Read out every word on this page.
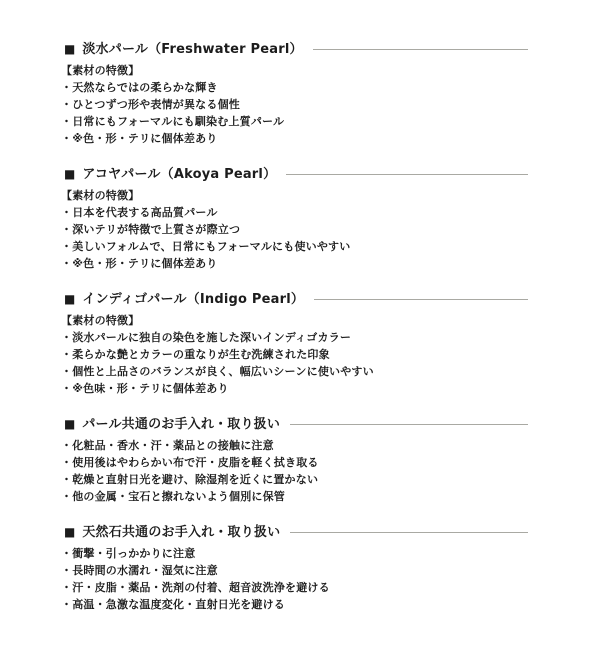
■ 淡水パール（Freshwater Pearl）

【素材の特徴】

・天然ならではの柔らかな輝き

・ひとつずつ形や表情が異なる個性

・日常にもフォーマルにも馴染む上質パール

・※色・形・テリに個体差あり

■ アコヤパール（Akoya Pearl）

【素材の特徴】

・日本を代表する高品質パール

・深いテリが特徴で上質さが際立つ

・美しいフォルムで、日常にもフォーマルにも使いやすい

・※色・形・テリに個体差あり

■ インディゴパール（Indigo Pearl）

【素材の特徴】

・淡水パールに独自の染色を施した深いインディゴカラー

・柔らかな艶とカラーの重なりが生む洗練された印象

・個性と上品さのバランスが良く、幅広いシーンに使いやすい

・※色味・形・テリに個体差あり

■ パール共通のお手入れ・取り扱い

・化粧品・香水・汗・薬品との接触に注意

・使用後はやわらかい布で汗・皮脂を軽く拭き取る

・乾燥と直射日光を避け、除湿剤を近くに置かない

・他の金属・宝石と擦れないよう個別に保管

■ 天然石共通のお手入れ・取り扱い

・衝撃・引っかかりに注意

・長時間の水濡れ・湿気に注意

・汗・皮脂・薬品・洗剤の付着、超音波洗浄を避ける

・高温・急激な温度変化・直射日光を避ける
